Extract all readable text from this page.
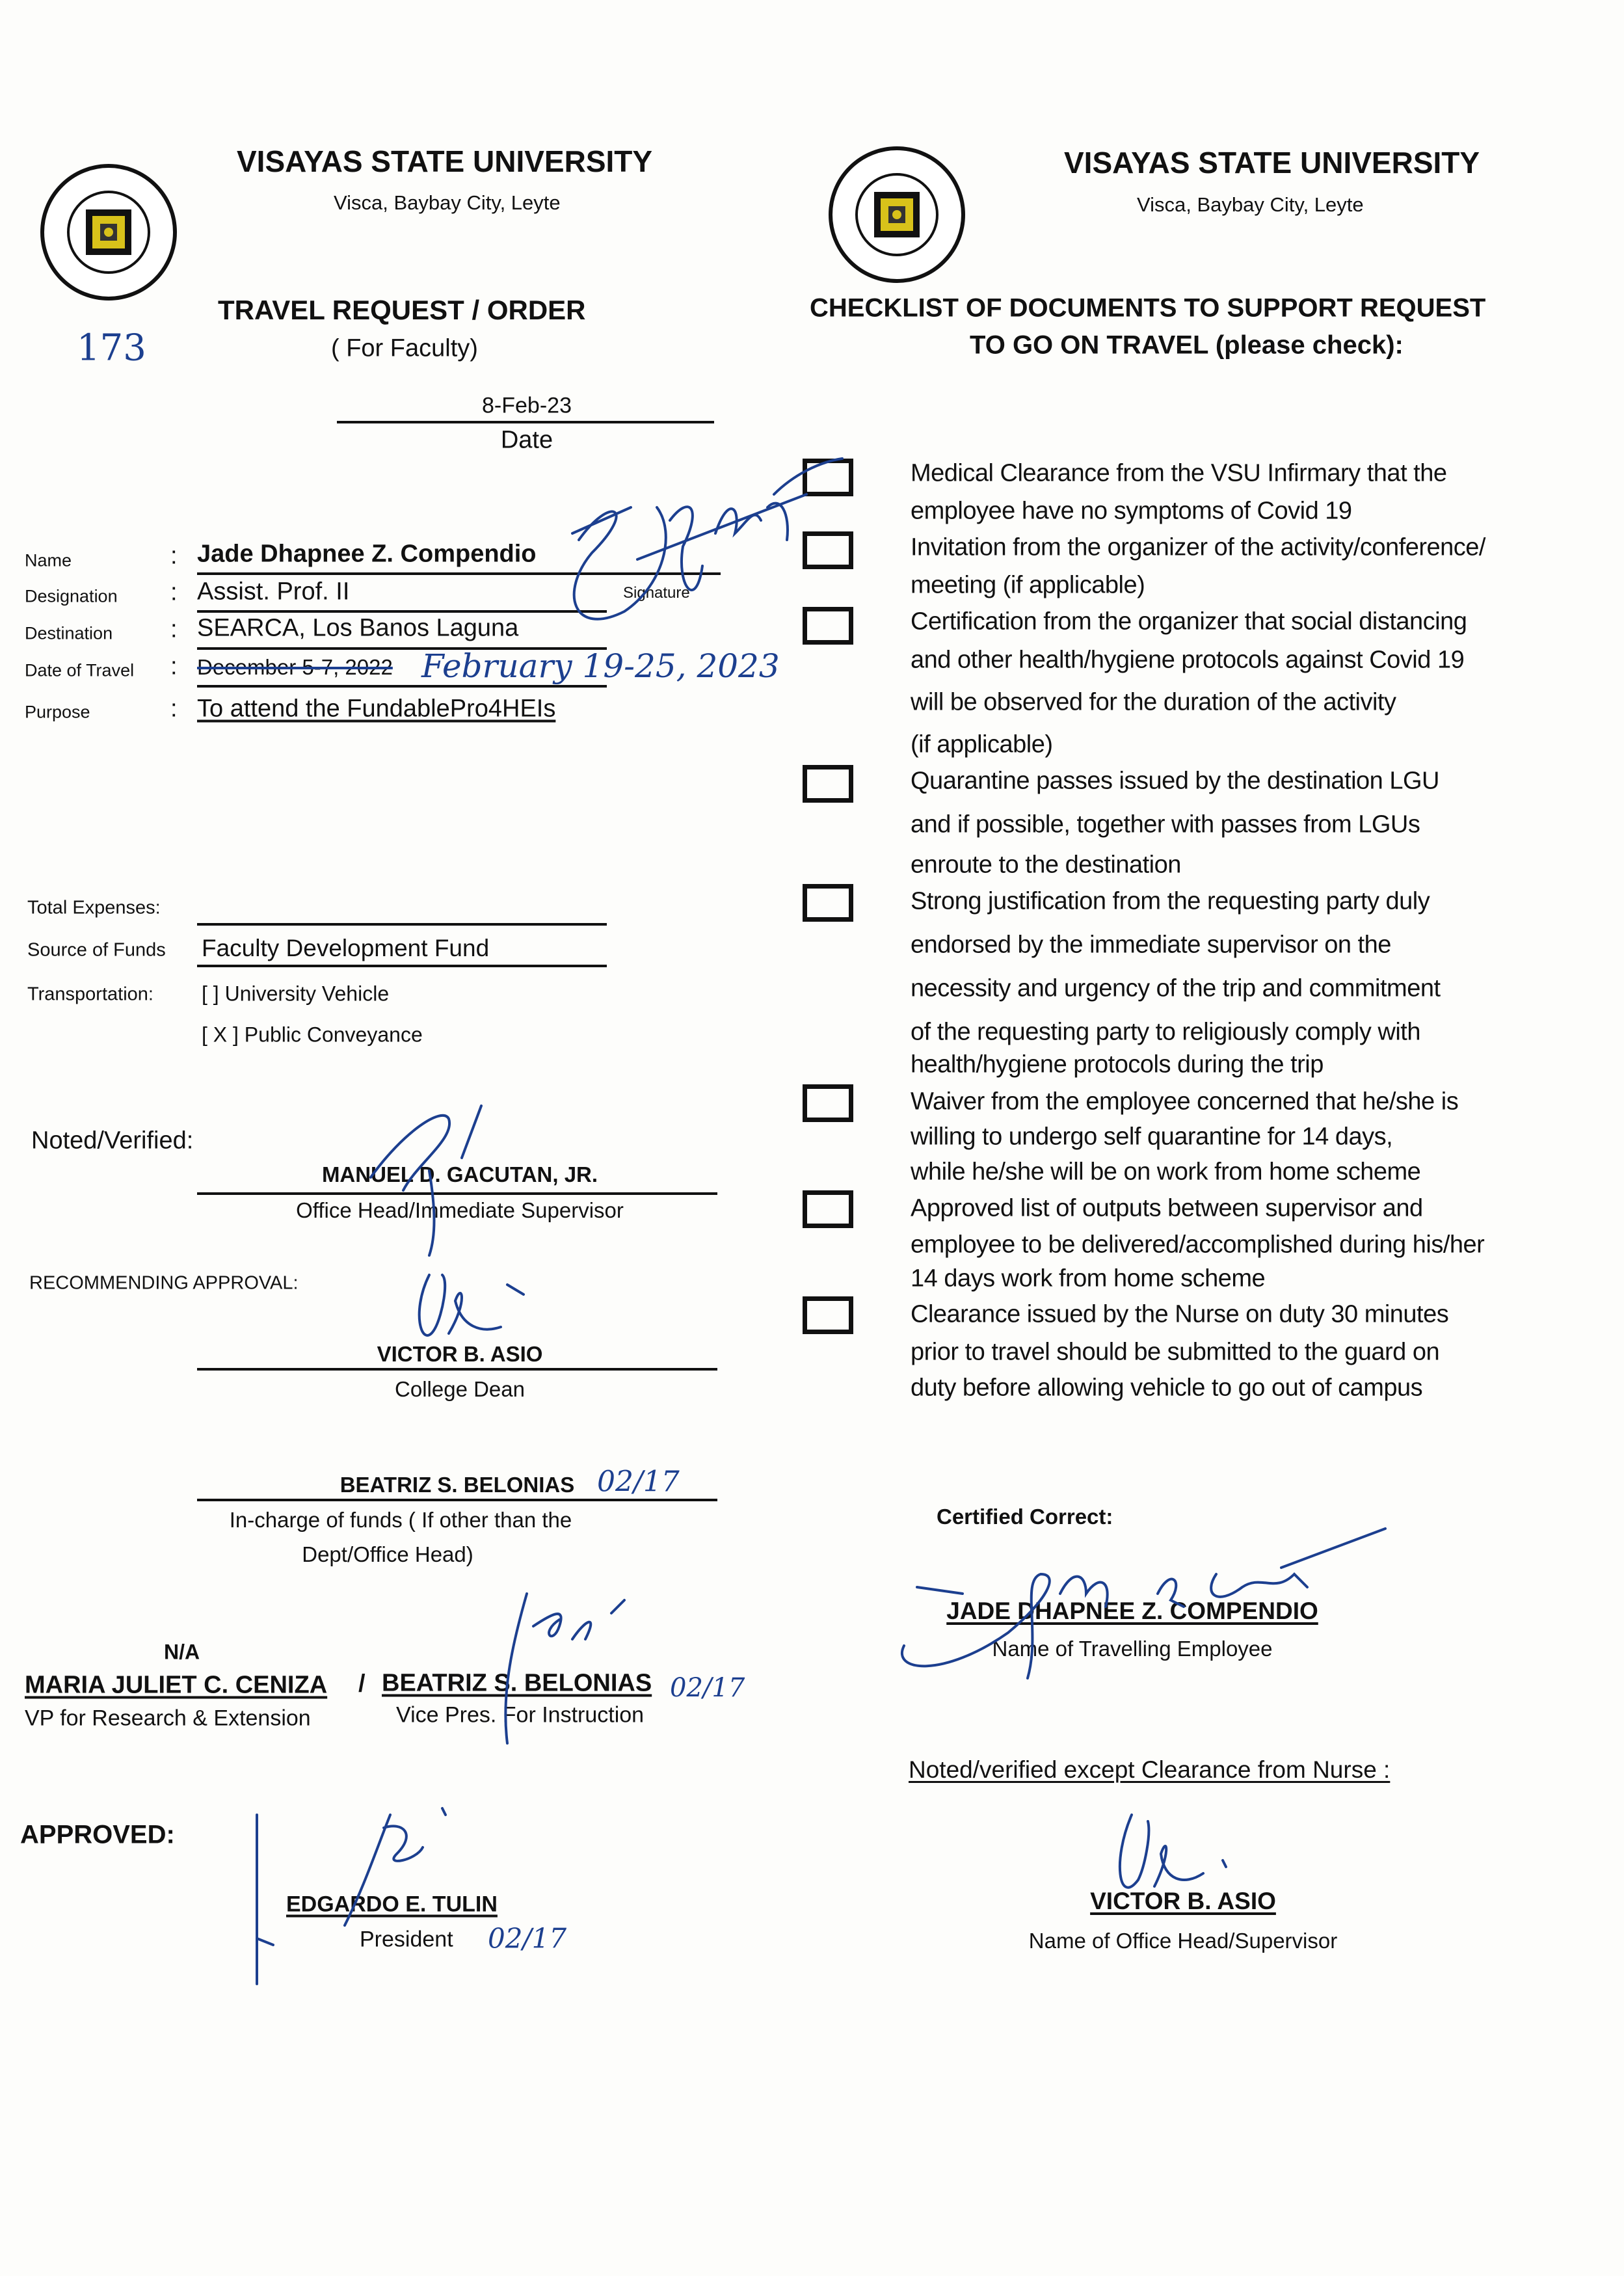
VISAYAS STATE UNIVERSITY
Visca, Baybay City, Leyte
TRAVEL REQUEST / ORDER
( For Faculty)
173
VISAYAS STATE UNIVERSITY
Visca, Baybay City, Leyte
CHECKLIST OF DOCUMENTS TO SUPPORT REQUEST
TO GO ON TRAVEL (please check):
8-Feb-23
Date
Name	: Jade Dhapnee Z. Compendio
Signature
Designation : Assist. Prof. II
Destination : SEARCA, Los Banos Laguna
Date of Travel : December 5-7, 2022 February 19-25, 2023
Purpose	: To attend the FundablePro4HEIs
Total Expenses:
Source of Funds Faculty Development Fund
Transportation: [ ] University Vehicle
[ X ] Public Conveyance
Noted/Verified:
MANUEL D. GACUTAN, JR.
Office Head/Immediate Supervisor
RECOMMENDING APPROVAL:
VICTOR B. ASIO
College Dean
BEATRIZ S. BELONIAS 02/17
In-charge of funds ( If other than the
Dept/Office Head)
N/A
MARIA JULIET C. CENIZA / BEATRIZ S. BELONIAS 02/17
VP for Research & Extension	Vice Pres. For Instruction
APPROVED:
EDGARDO E. TULIN
President 02/17
Medical Clearance from the VSU Infirmary that the
employee have no symptoms of Covid 19
Invitation from the organizer of the activity/conference/
meeting (if applicable)
Certification from the organizer that social distancing
and other health/hygiene protocols against Covid 19
will be observed for the duration of the activity
(if applicable)
Quarantine passes issued by the destination LGU
and if possible, together with passes from LGUs
enroute to the destination
Strong justification from the requesting party duly
endorsed by the immediate supervisor on the
necessity and urgency of the trip and commitment
of the requesting party to religiously comply with
health/hygiene protocols during the trip
Waiver from the employee concerned that he/she is
willing to undergo self quarantine for 14 days,
while he/she will be on work from home scheme
Approved list of outputs between supervisor and
employee to be delivered/accomplished during his/her
14 days work from home scheme
Clearance issued by the Nurse on duty 30 minutes
prior to travel should be submitted to the guard on
duty before allowing vehicle to go out of campus
Certified Correct:
JADE DHAPNEE Z. COMPENDIO
Name of Travelling Employee
Noted/verified except Clearance from Nurse :
VICTOR B. ASIO
Name of Office Head/Supervisor
